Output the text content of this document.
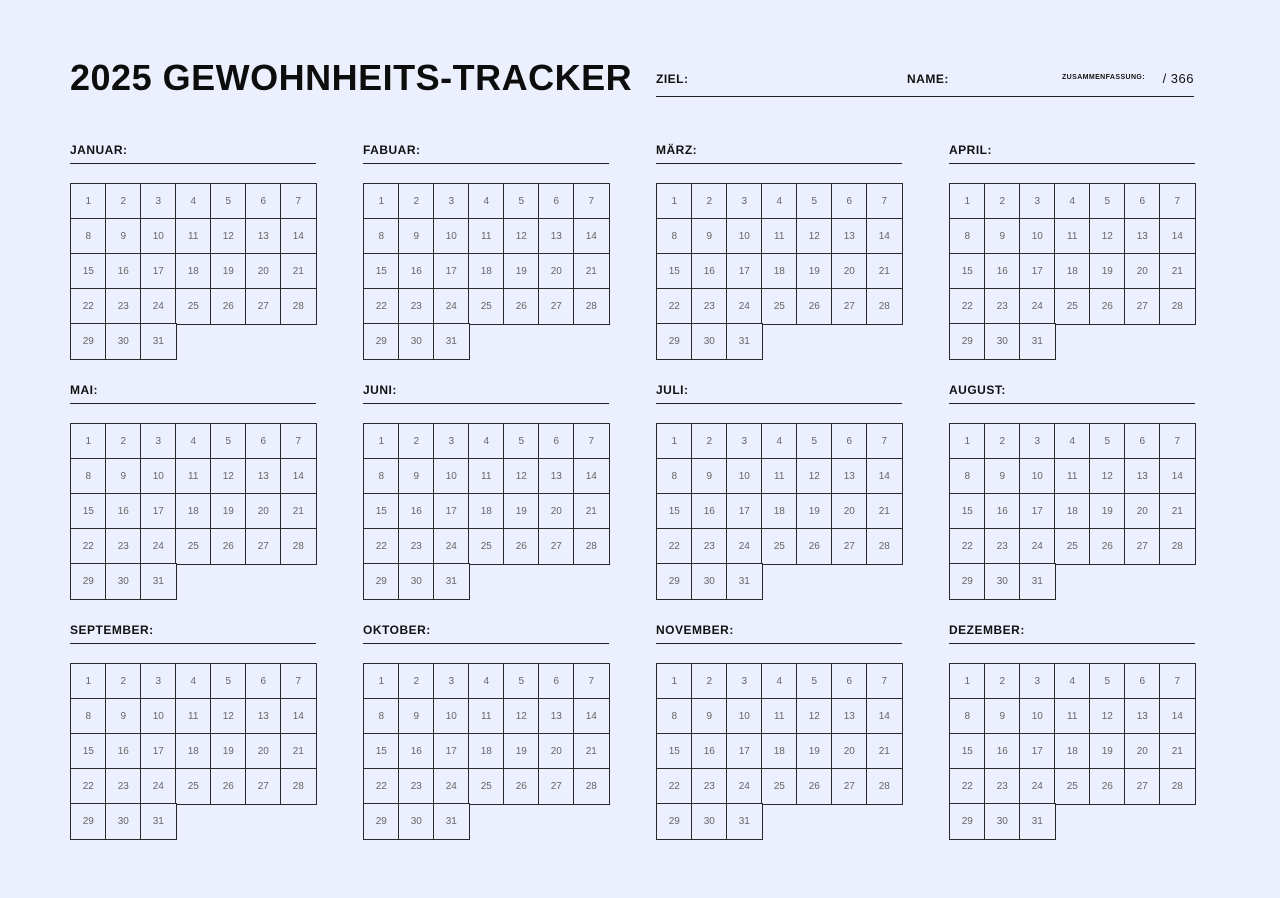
2025 GEWOHNHEITS-TRACKER ZIEL:	NAME:	ZUSAMMENFASSUNG: / 366
JANUAR:
1	2	3	4	5	6	7
8	9	10	11	12	13	14
15	16	17	18	19	20	21
22	23	24	25	26	27	28
29	30	31
FABUAR:
1	2	3	4	5	6	7
8	9	10	11	12	13	14
15	16	17	18	19	20	21
22	23	24	25	26	27	28
29	30	31
MÄRZ:
1	2	3	4	5	6	7
8	9	10	11	12	13	14
15	16	17	18	19	20	21
22	23	24	25	26	27	28
29	30	31
APRIL:
1	2	3	4	5	6	7
8	9	10	11	12	13	14
15	16	17	18	19	20	21
22	23	24	25	26	27	28
29	30	31
MAI:
1	2	3	4	5	6	7
8	9	10	11	12	13	14
15	16	17	18	19	20	21
22	23	24	25	26	27	28
29	30	31
JUNI:
1	2	3	4	5	6	7
8	9	10	11	12	13	14
15	16	17	18	19	20	21
22	23	24	25	26	27	28
29	30	31
JULI:
1	2	3	4	5	6	7
8	9	10	11	12	13	14
15	16	17	18	19	20	21
22	23	24	25	26	27	28
29	30	31
AUGUST:
1	2	3	4	5	6	7
8	9	10	11	12	13	14
15	16	17	18	19	20	21
22	23	24	25	26	27	28
29	30	31
SEPTEMBER:
1	2	3	4	5	6	7
8	9	10	11	12	13	14
15	16	17	18	19	20	21
22	23	24	25	26	27	28
29	30	31
OKTOBER:
1	2	3	4	5	6	7
8	9	10	11	12	13	14
15	16	17	18	19	20	21
22	23	24	25	26	27	28
29	30	31
NOVEMBER:
1	2	3	4	5	6	7
8	9	10	11	12	13	14
15	16	17	18	19	20	21
22	23	24	25	26	27	28
29	30	31
DEZEMBER:
1	2	3	4	5	6	7
8	9	10	11	12	13	14
15	16	17	18	19	20	21
22	23	24	25	26	27	28
29	30	31
